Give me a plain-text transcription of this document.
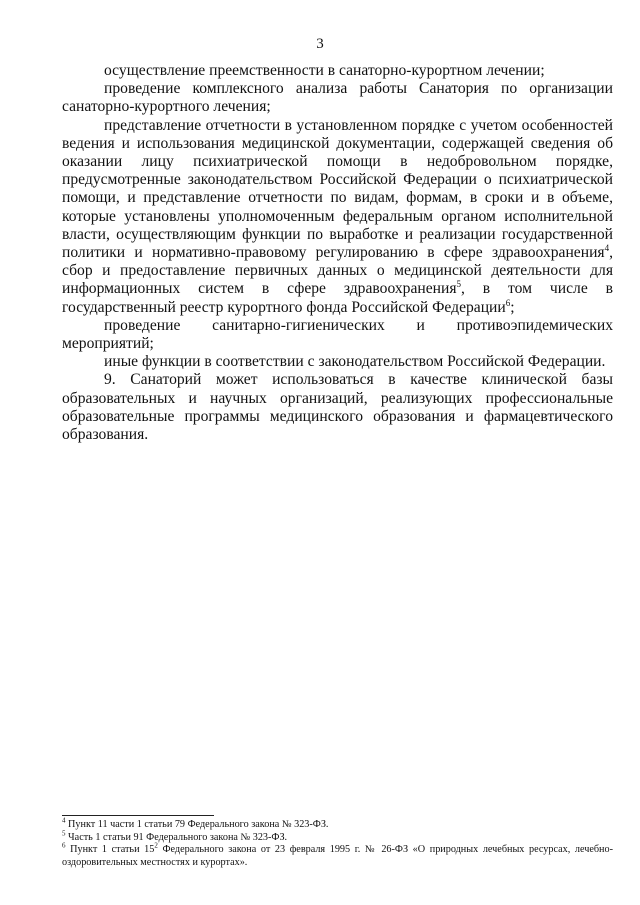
3

осуществление преемственности в санаторно-курортном лечении;

проведение комплексного анализа работы Санатория по организации санаторно-курортного лечения;

представление отчетности в установленном порядке с учетом особенностей ведения и использования медицинской документации, содержащей сведения об оказании лицу психиатрической помощи в недобровольном порядке, предусмотренные законодательством Российской Федерации о психиатрической помощи, и представление отчетности по видам, формам, в сроки и в объеме, которые установлены уполномоченным федеральным органом исполнительной власти, осуществляющим функции по выработке и реализации государственной политики и нормативно-правовому регулированию в сфере здравоохранения$^4$, сбор и предоставление первичных данных о медицинской деятельности для информационных систем в сфере здравоохранения$^5$, в том числе в государственный реестр курортного фонда Российской Федерации$^6$;

проведение санитарно-гигиенических и противоэпидемических мероприятий;

иные функции в соответствии с законодательством Российской Федерации.

9. Санаторий может использоваться в качестве клинической базы образовательных и научных организаций, реализующих профессиональные образовательные программы медицинского образования и фармацевтического образования.

$^4$ Пункт 11 части 1 статьи 79 Федерального закона № 323-ФЗ.

$^5$ Часть 1 статьи 91 Федерального закона № 323-ФЗ.

$^6$ Пункт 1 статьи $15^2$ Федерального закона от 23 февраля 1995 г. № 26-ФЗ «О природных лечебных ресурсах, лечебно-оздоровительных местностях и курортах».
